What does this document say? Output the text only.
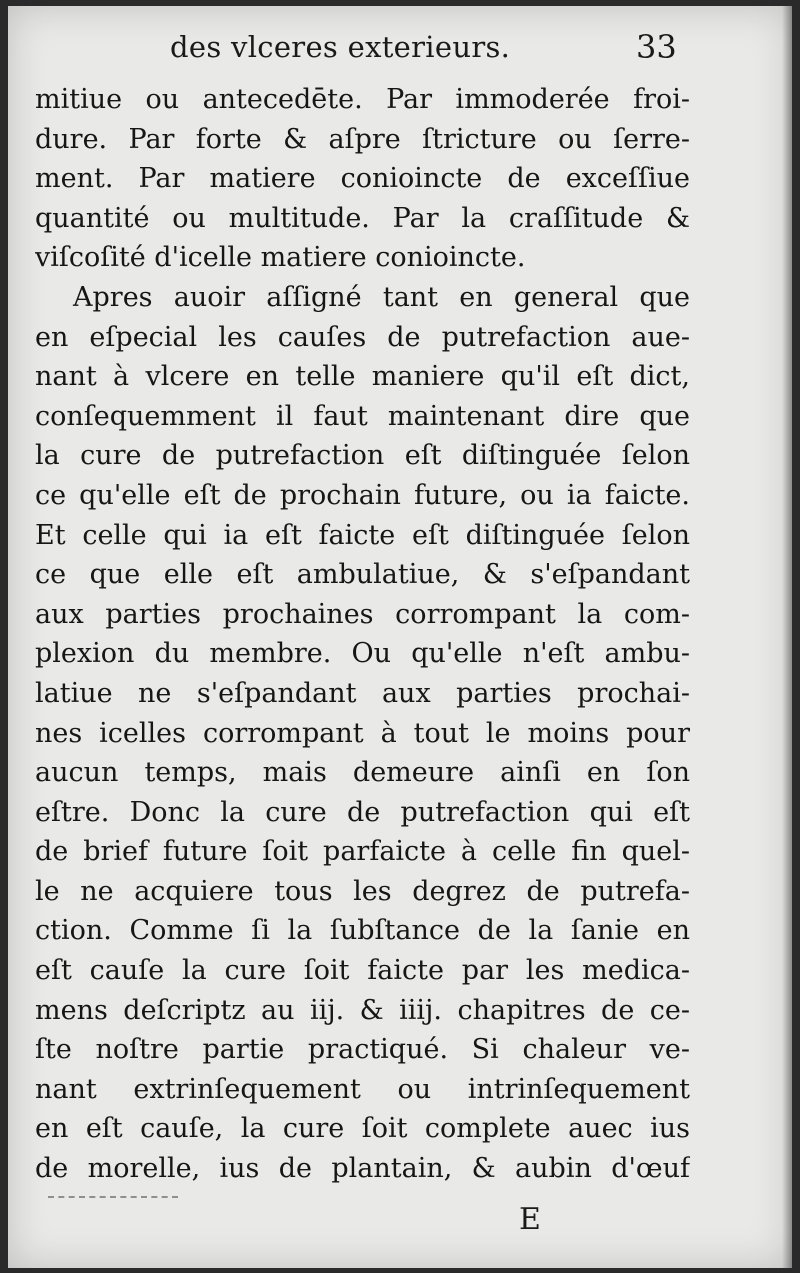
des vlceres exterieurs.	33
mitiue ou antecedēte. Par immoderée froi-
dure. Par forte & aſpre ſtricture ou ſerre-
ment. Par matiere conioincte de exceſſiue
quantité ou multitude. Par la craſſitude &
viſcoſité d'icelle matiere conioincte.
Apres auoir aſſigné tant en general que
en eſpecial les cauſes de putrefaction aue-
nant à vlcere en telle maniere qu'il eſt dict,
conſequemment il faut maintenant dire que
la cure de putrefaction eſt diſtinguée ſelon
ce qu'elle eſt de prochain future, ou ia faicte.
Et celle qui ia eſt faicte eſt diſtinguée ſelon
ce que elle eſt ambulatiue, & s'eſpandant
aux parties prochaines corrompant la com-
plexion du membre. Ou qu'elle n'eſt ambu-
latiue ne s'eſpandant aux parties prochai-
nes icelles corrompant à tout le moins pour
aucun temps, mais demeure ainſi en ſon
eſtre. Donc la cure de putrefaction qui eſt
de brief future ſoit parfaicte à celle fin quel-
le ne acquiere tous les degrez de putrefa-
ction. Comme ſi la ſubſtance de la ſanie en
eſt cauſe la cure ſoit faicte par les medica-
mens deſcriptz au iij. & iiij. chapitres de ce-
ſte noſtre partie practiqué. Si chaleur ve-
nant extrinſequement ou intrinſequement
en eſt cauſe, la cure ſoit complete auec ius
de morelle, ius de plantain, & aubin d'œuf
E
